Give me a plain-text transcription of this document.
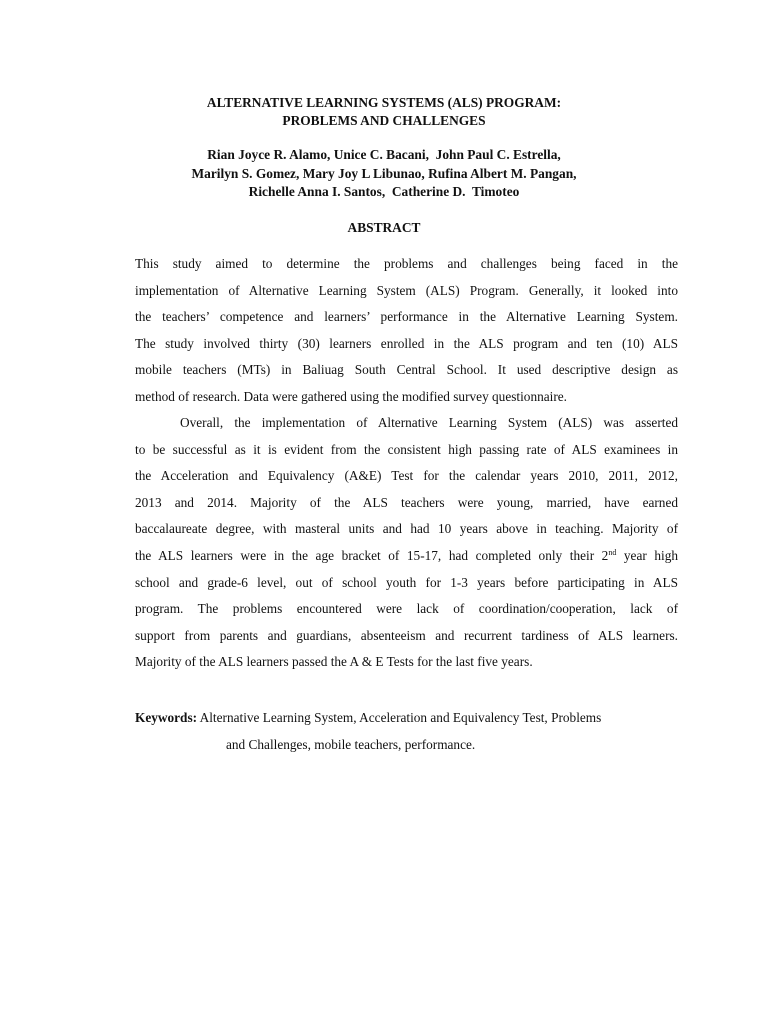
ALTERNATIVE LEARNING SYSTEMS (ALS) PROGRAM:
PROBLEMS AND CHALLENGES
Rian Joyce R. Alamo, Unice C. Bacani,  John Paul C. Estrella,
Marilyn S. Gomez, Mary Joy L Libunao, Rufina Albert M. Pangan,
Richelle Anna I. Santos,  Catherine D.  Timoteo
ABSTRACT
This study aimed to determine the problems and challenges being faced in the
implementation of Alternative Learning System (ALS) Program. Generally, it looked into
the teachers’ competence and learners’ performance in the Alternative Learning System.
The study involved thirty (30) learners enrolled in the ALS program and ten (10) ALS
mobile teachers (MTs) in Baliuag South Central School. It used descriptive design as
method of research. Data were gathered using the modified survey questionnaire.
Overall, the implementation of Alternative Learning System (ALS) was asserted
to be successful as it is evident from the consistent high passing rate of ALS examinees in
the Acceleration and Equivalency (A&E) Test for the calendar years 2010, 2011, 2012,
2013 and 2014. Majority of the ALS teachers were young, married, have earned
baccalaureate degree, with masteral units and had 10 years above in teaching. Majority of
the ALS learners were in the age bracket of 15-17, had completed only their 2nd year high
school and grade-6 level, out of school youth for 1-3 years before participating in ALS
program. The problems encountered were lack of coordination/cooperation, lack of
support from parents and guardians, absenteeism and recurrent tardiness of ALS learners.
Majority of the ALS learners passed the A & E Tests for the last five years.
Keywords: Alternative Learning System, Acceleration and Equivalency Test, Problems
and Challenges, mobile teachers, performance.
